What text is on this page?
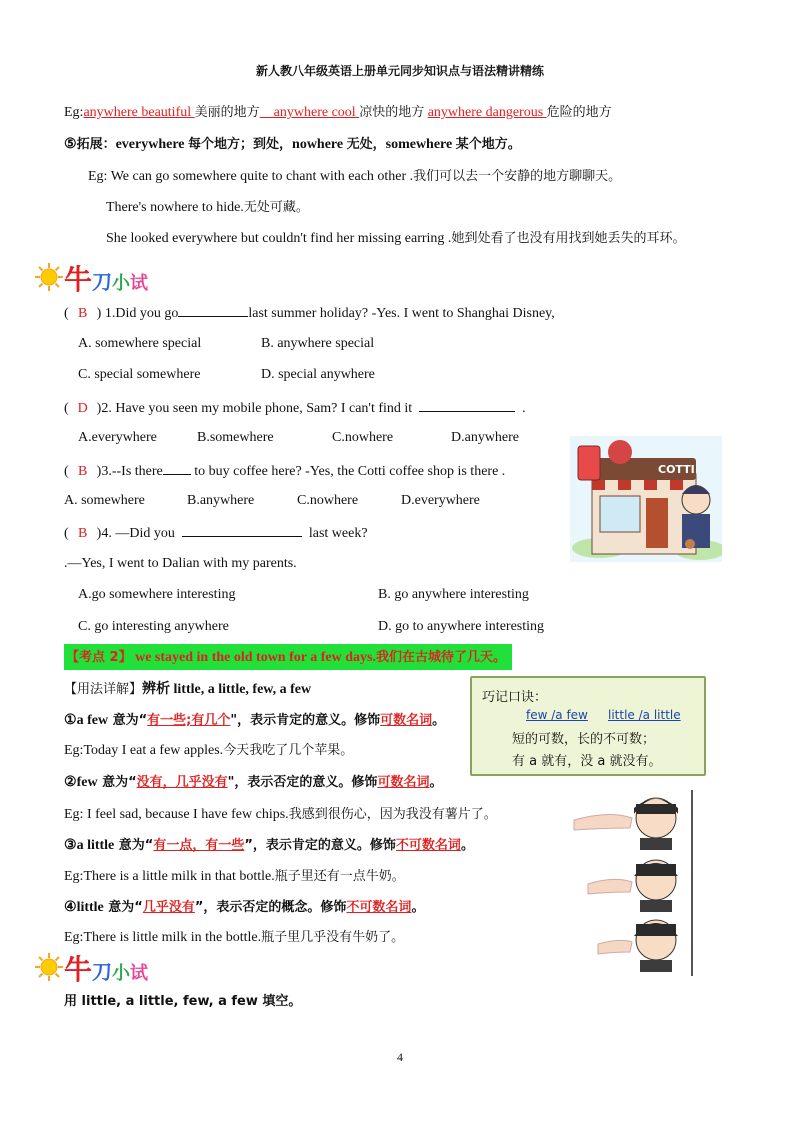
新人教八年级英语上册单元同步知识点与语法精讲精练
Eg:anywhere beautiful 美丽的地方    anywhere cool 凉快的地方 anywhere dangerous 危险的地方
⑤拓展：everywhere 每个地方；到处，nowhere 无处，somewhere 某个地方。
Eg: We can go somewhere quite to chant with each other .我们可以去一个安静的地方聊聊天。
There's nowhere to hide.无处可藏。
She looked everywhere but couldn't find her missing earring .她到处看了也没有用找到她丢失的耳环。
牛刀小试
( B ) 1.Did you go	last summer holiday? -Yes. I went to Shanghai Disney,
A. somewhere special	B. anywhere special
C. special somewhere	D. special anywhere
( D )2. Have you seen my mobile phone, Sam? I can't find it	.
A.everywhere	B.somewhere	C.nowhere	D.anywhere
( B )3.--Is there to buy coffee here? -Yes, the Cotti coffee shop is there .
A. somewhere	B.anywhere	C.nowhere	D.everywhere
( B )4. —Did you	last week?
.—Yes, I went to Dalian with my parents.
A.go somewhere interesting	B. go anywhere interesting
C. go interesting anywhere	D. go to anywhere interesting
COTTI
【考点 2】 we stayed in the old town for a few days.我们在古城待了几天。
【用法详解】辨析 little, a little, few, a few
①a few 意为“有一些;有几个"，表示肯定的意义。修饰可数名词。
Eg:Today I eat a few apples.今天我吃了几个苹果。
②few 意为“没有，几乎没有"，表示否定的意义。修饰可数名词。
Eg: I feel sad, because I have few chips.我感到很伤心，因为我没有薯片了。
③a little 意为“有一点，有一些”，表示肯定的意义。修饰不可数名词。
Eg:There is a little milk in that bottle.瓶子里还有一点牛奶。
④little 意为“几乎没有”，表示否定的概念。修饰不可数名词。
Eg:There is little milk in the bottle.瓶子里几乎没有牛奶了。
巧记口诀：
few /a few little /a little
短的可数，长的不可数；
有 a 就有，没 a 就没有。
牛刀小试
用 little, a little, few, a few 填空。
4
